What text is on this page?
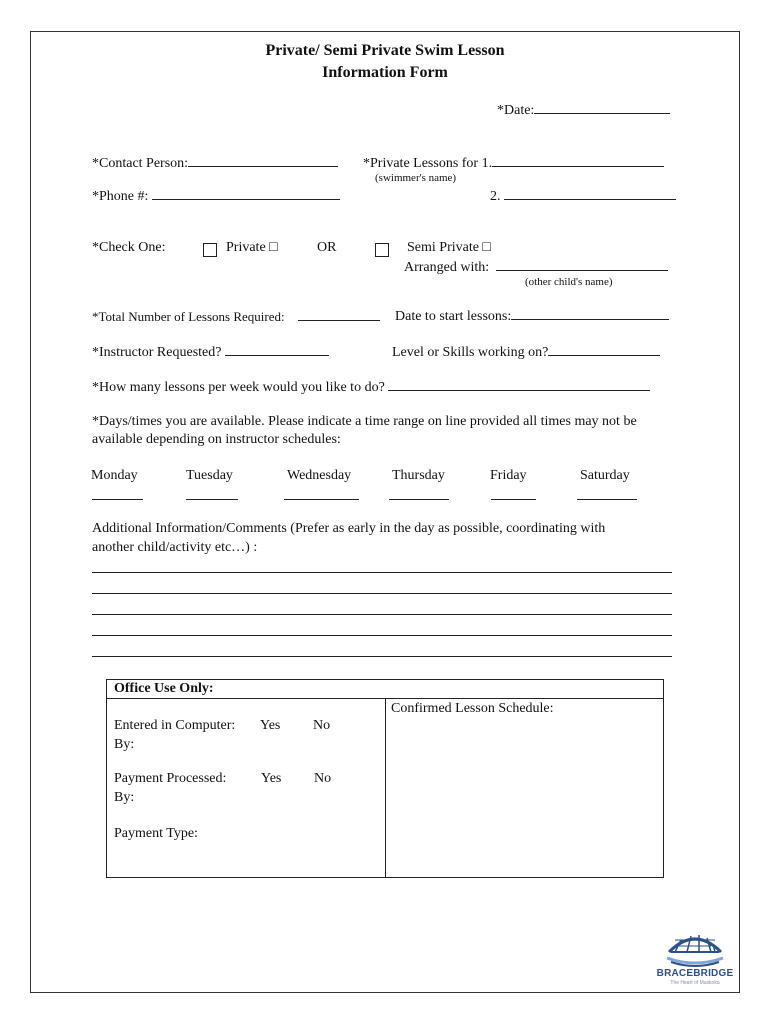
Private/ Semi Private Swim Lesson
Information Form
*Date:
*Contact Person:	*Private Lessons for 1.
(swimmer's name)
*Phone #:	2.
*Check One:	Private □	OR	Semi Private □
Arranged with:
(other child's name)
*Total Number of Lessons Required:	Date to start lessons:
*Instructor Requested?	Level or Skills working on?
*How many lessons per week would you like to do?
*Days/times you are available. Please indicate a time range on line provided all times may not be
available depending on instructor schedules:
Monday	Tuesday	Wednesday	Thursday	Friday	Saturday
Additional Information/Comments (Prefer as early in the day as possible, coordinating with
another child/activity etc…) :
Office Use Only:
Entered in Computer: Yes No
By:
Payment Processed: Yes No
By:
Payment Type:
Confirmed Lesson Schedule:
BRACEBRIDGE
The Heart of Muskoka
